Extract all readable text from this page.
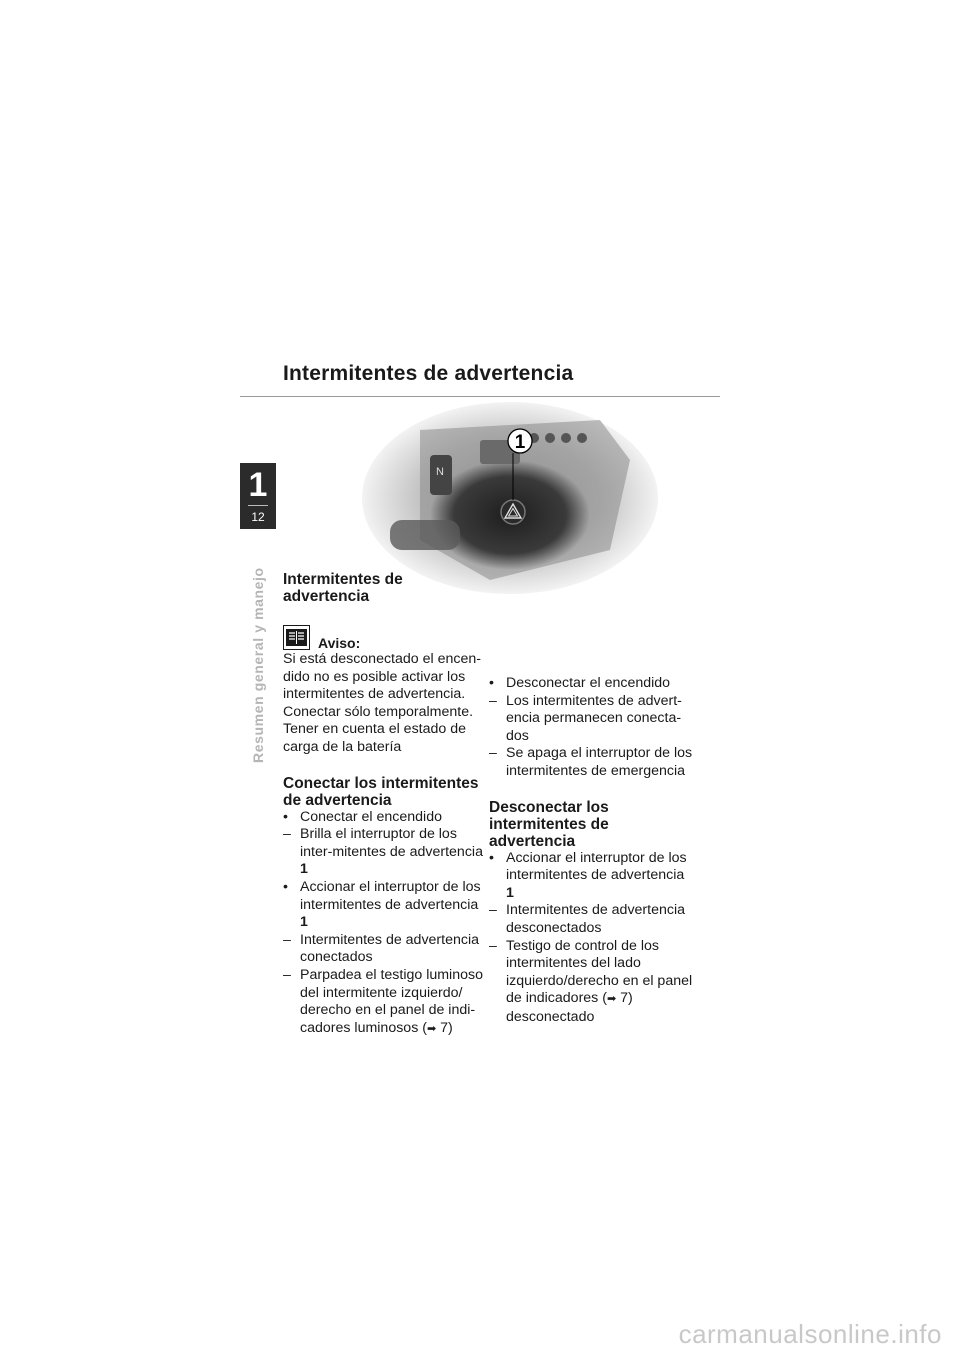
Intermitentes de advertencia
1
12
Resumen general y manejo
N
1
Intermitentes de advertencia
Aviso:

Si está desconectado el encen-dido no es posible activar los intermitentes de advertencia. Conectar sólo temporalmente. Tener en cuenta el estado de carga de la batería

Conectar los intermitentes de advertencia
• Conectar el encendido
– Brilla el interruptor de los inter-mitentes de advertencia 1
• Accionar el interruptor de los intermitentes de advertencia 1
– Intermitentes de advertencia conectados
– Parpadea el testigo luminoso del intermitente izquierdo/ derecho en el panel de indi-cadores luminosos (➡ 7)
• Desconectar el encendido
– Los intermitentes de advert-encia permanecen conecta-dos
– Se apaga el interruptor de los intermitentes de emergencia
Desconectar los intermitentes de advertencia
• Accionar el interruptor de los intermitentes de advertencia 1
– Intermitentes de advertencia desconectados
– Testigo de control de los intermitentes del lado izquierdo/derecho en el panel de indicadores (➡ 7) desconectado
carmanualsonline.info
